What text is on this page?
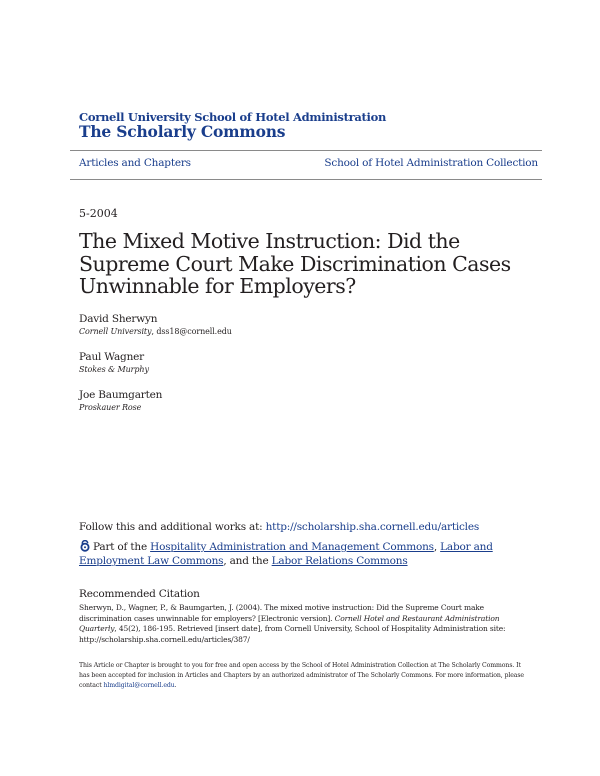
Cornell University School of Hotel Administration
The Scholarly Commons
Articles and Chapters	School of Hotel Administration Collection
5-2004
The Mixed Motive Instruction: Did the Supreme Court Make Discrimination Cases Unwinnable for Employers?
David Sherwyn
Cornell University, dss18@cornell.edu
Paul Wagner
Stokes & Murphy
Joe Baumgarten
Proskauer Rose
Follow this and additional works at: http://scholarship.sha.cornell.edu/articles
Part of the Hospitality Administration and Management Commons, Labor and Employment Law Commons, and the Labor Relations Commons
Recommended Citation
Sherwyn, D., Wagner, P., & Baumgarten, J. (2004). The mixed motive instruction: Did the Supreme Court make discrimination cases unwinnable for employers? [Electronic version]. Cornell Hotel and Restaurant Administration Quarterly, 45(2), 186-195. Retrieved [insert date], from Cornell University, School of Hospitality Administration site: http://scholarship.sha.cornell.edu/articles/387/
This Article or Chapter is brought to you for free and open access by the School of Hotel Administration Collection at The Scholarly Commons. It has been accepted for inclusion in Articles and Chapters by an authorized administrator of The Scholarly Commons. For more information, please contact hlmdigital@cornell.edu.
